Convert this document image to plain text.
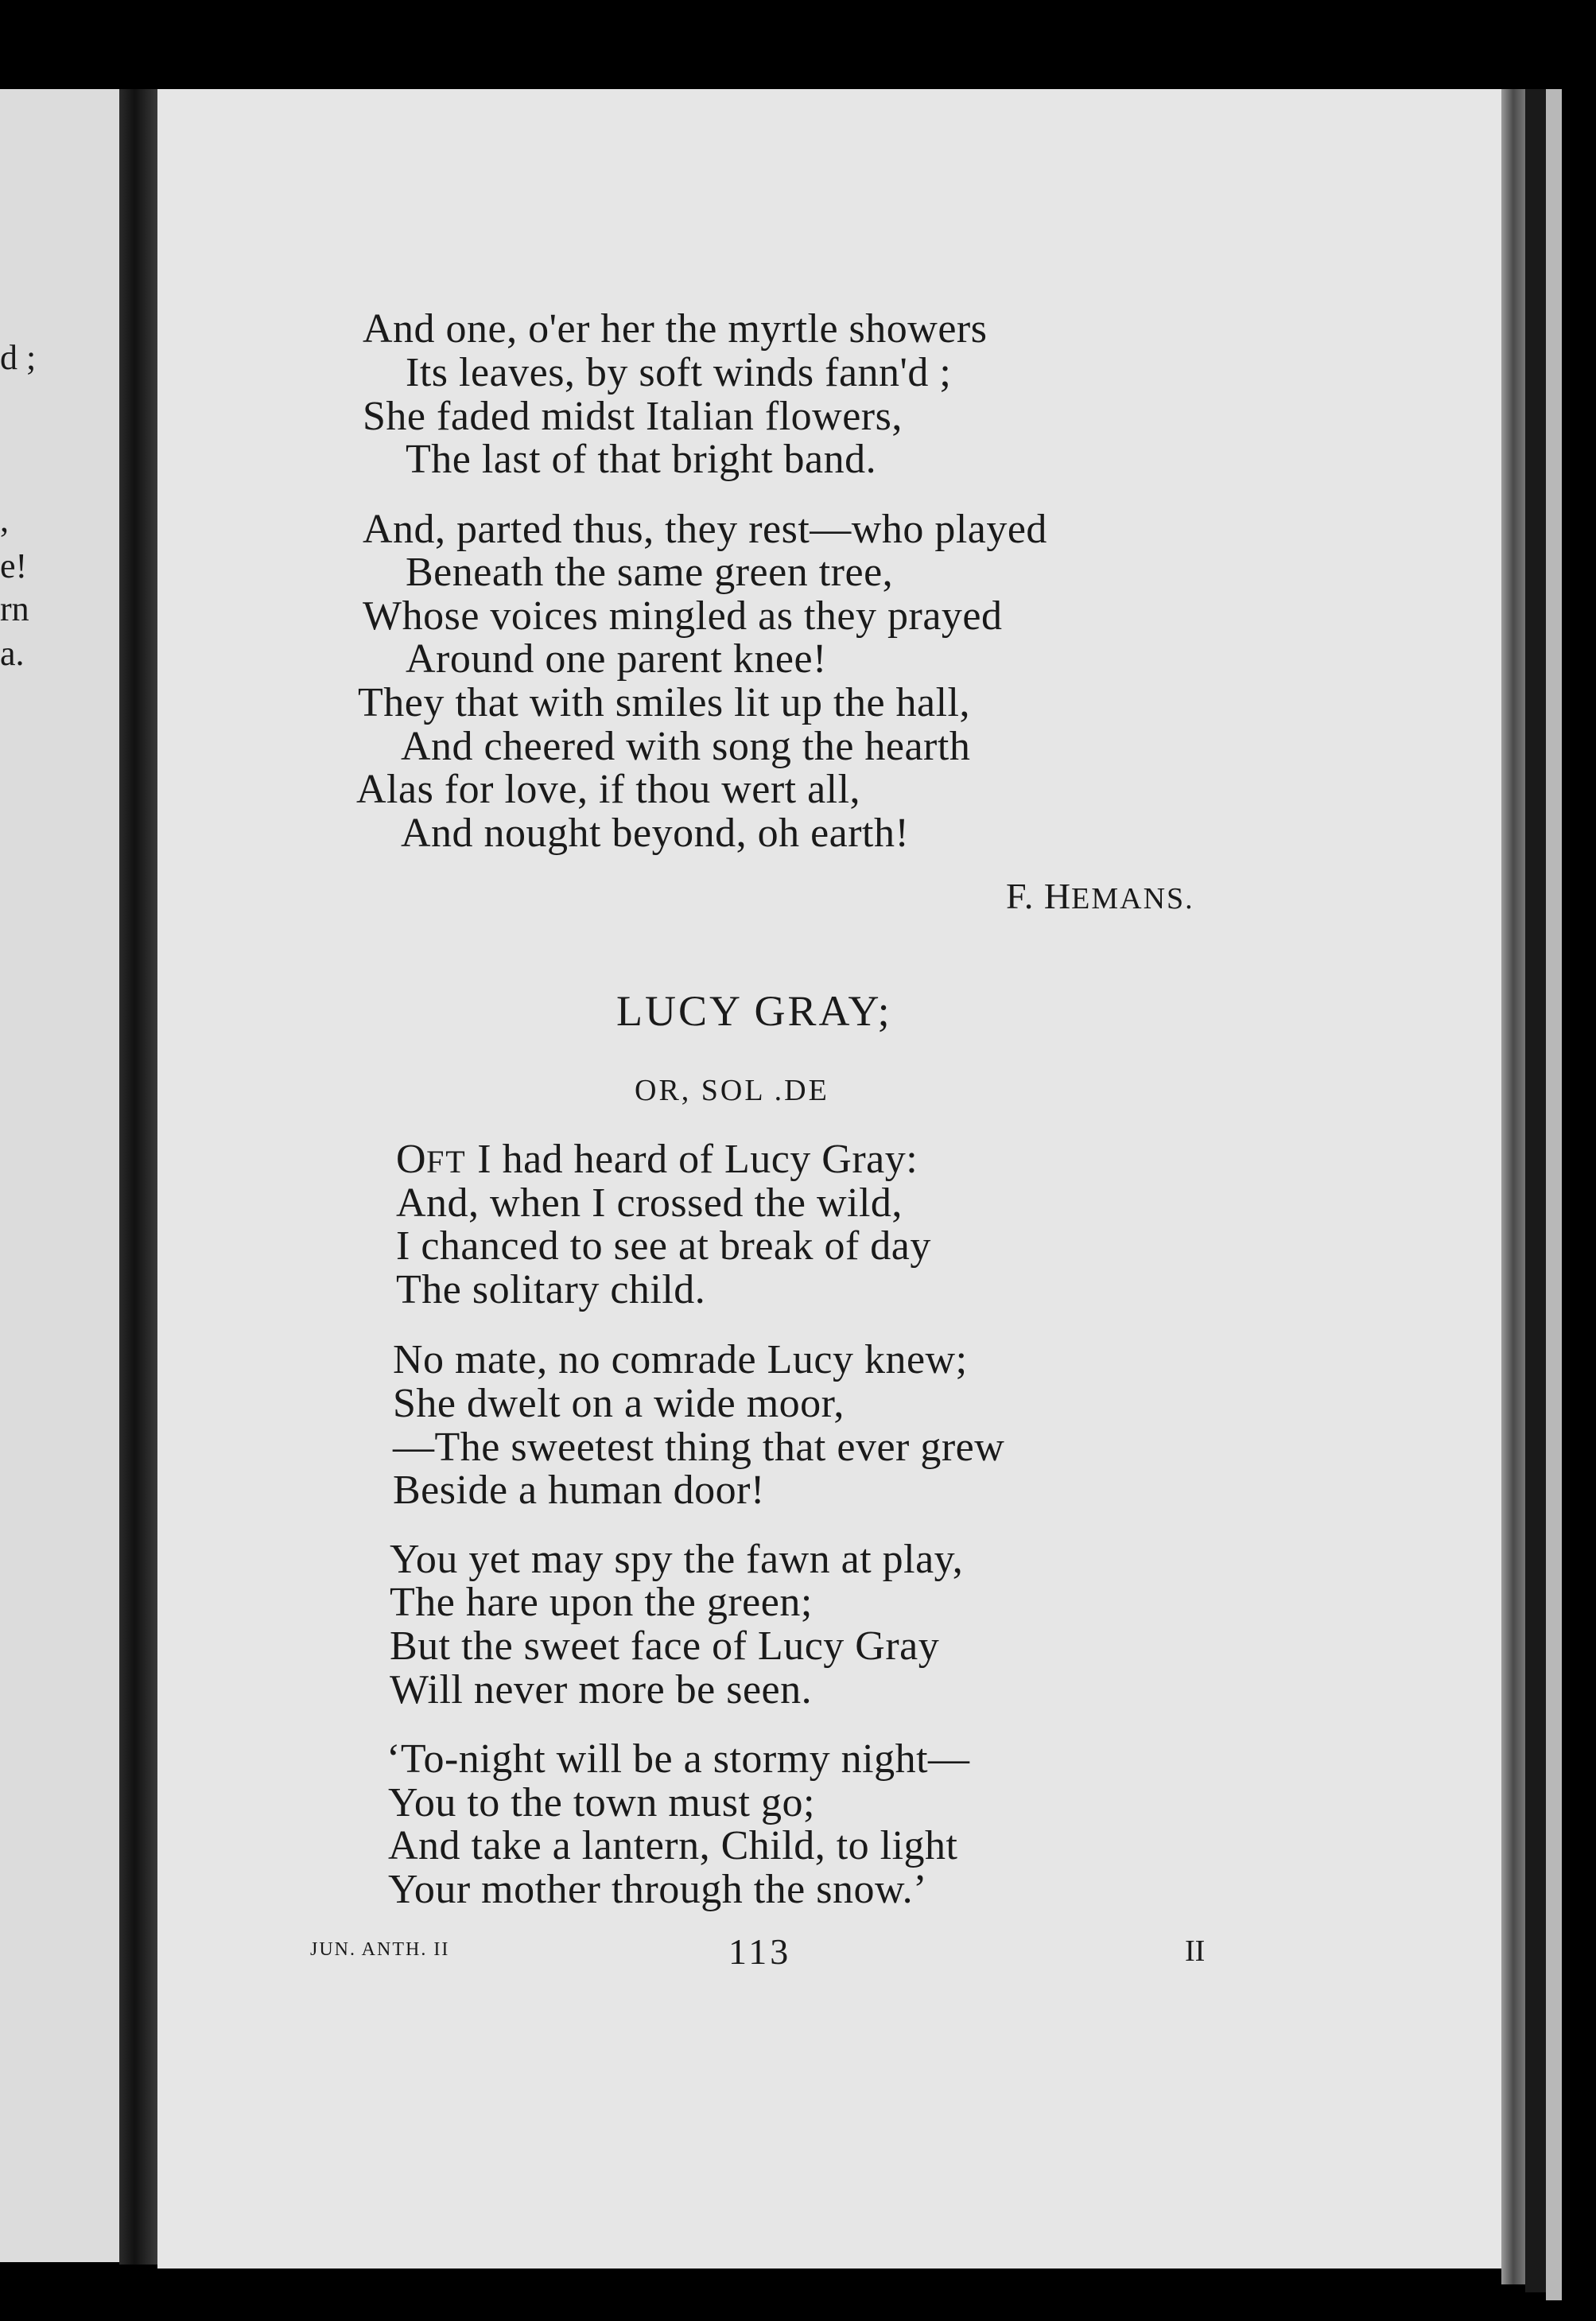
d ;
,
e!
rn
a.
And one, o'er her the myrtle showers
Its leaves, by soft winds fann'd ;
She faded midst Italian flowers,
The last of that bright band.
And, parted thus, they rest—who played
Beneath the same green tree,
Whose voices mingled as they prayed
Around one parent knee!
They that with smiles lit up the hall,
And cheered with song the hearth
Alas for love, if thou wert all,
And nought beyond, oh earth!
F. HEMANS.
LUCY GRAY;
OR, SOL .DE
OFT I had heard of Lucy Gray:
And, when I crossed the wild,
I chanced to see at break of day
The solitary child.
No mate, no comrade Lucy knew;
She dwelt on a wide moor,
—The sweetest thing that ever grew
Beside a human door!
You yet may spy the fawn at play,
The hare upon the green;
But the sweet face of Lucy Gray
Will never more be seen.
‘To-night will be a stormy night—
You to the town must go;
And take a lantern, Child, to light
Your mother through the snow.’
JUN. ANTH. II	113	II
